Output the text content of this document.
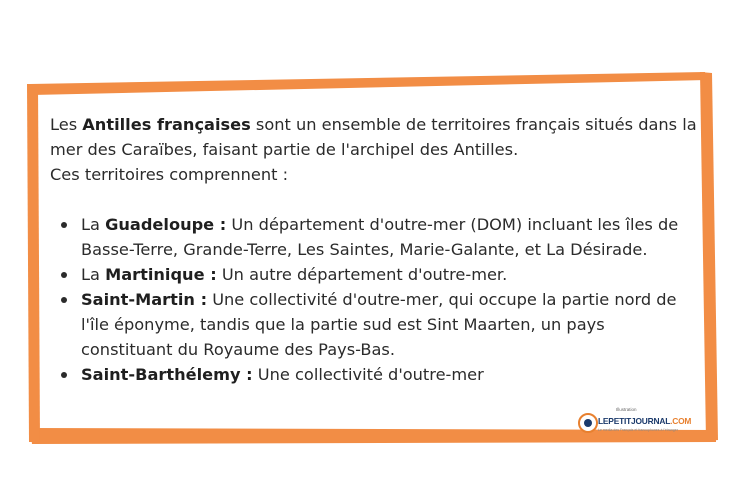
Les Antilles françaises sont un ensemble de territoires français situés dans la mer des Caraïbes, faisant partie de l'archipel des Antilles.

Ces territoires comprennent :

La Guadeloupe : Un département d'outre-mer (DOM) incluant les îles de Basse-Terre, Grande-Terre, Les Saintes, Marie-Galante, et La Désirade.
La Martinique : Un autre département d'outre-mer.
Saint-Martin : Une collectivité d'outre-mer, qui occupe la partie nord de l'île éponyme, tandis que la partie sud est Sint Maarten, un pays constituant du Royaume des Pays-Bas.
Saint-Barthélemy : Une collectivité d'outre-mer
Illustration
LEPETITJOURNAL.COM
Le media des Français et francophones à l'étranger
